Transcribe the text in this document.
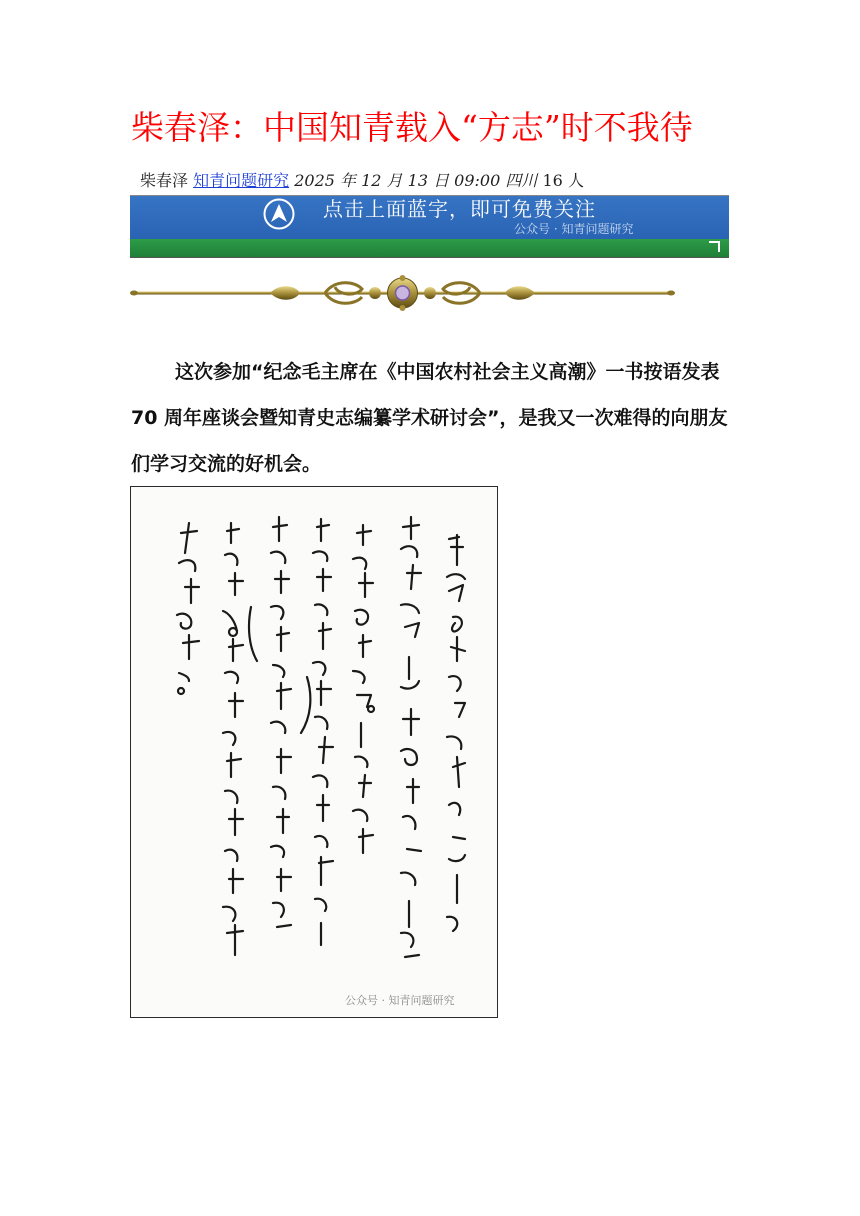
柴春泽：中国知青载入“方志”时不我待
柴春泽 知青问题研究 2025 年 12 月 13 日 09:00 四川 16 人
点击上面蓝字，即可免费关注
公众号 · 知青问题研究

这次参加“纪念毛主席在《中国农村社会主义高潮》一书按语发表 70 周年座谈会暨知青史志编纂学术研讨会”，是我又一次难得的向朋友们学习交流的好机会。

公众号 · 知青问题研究
